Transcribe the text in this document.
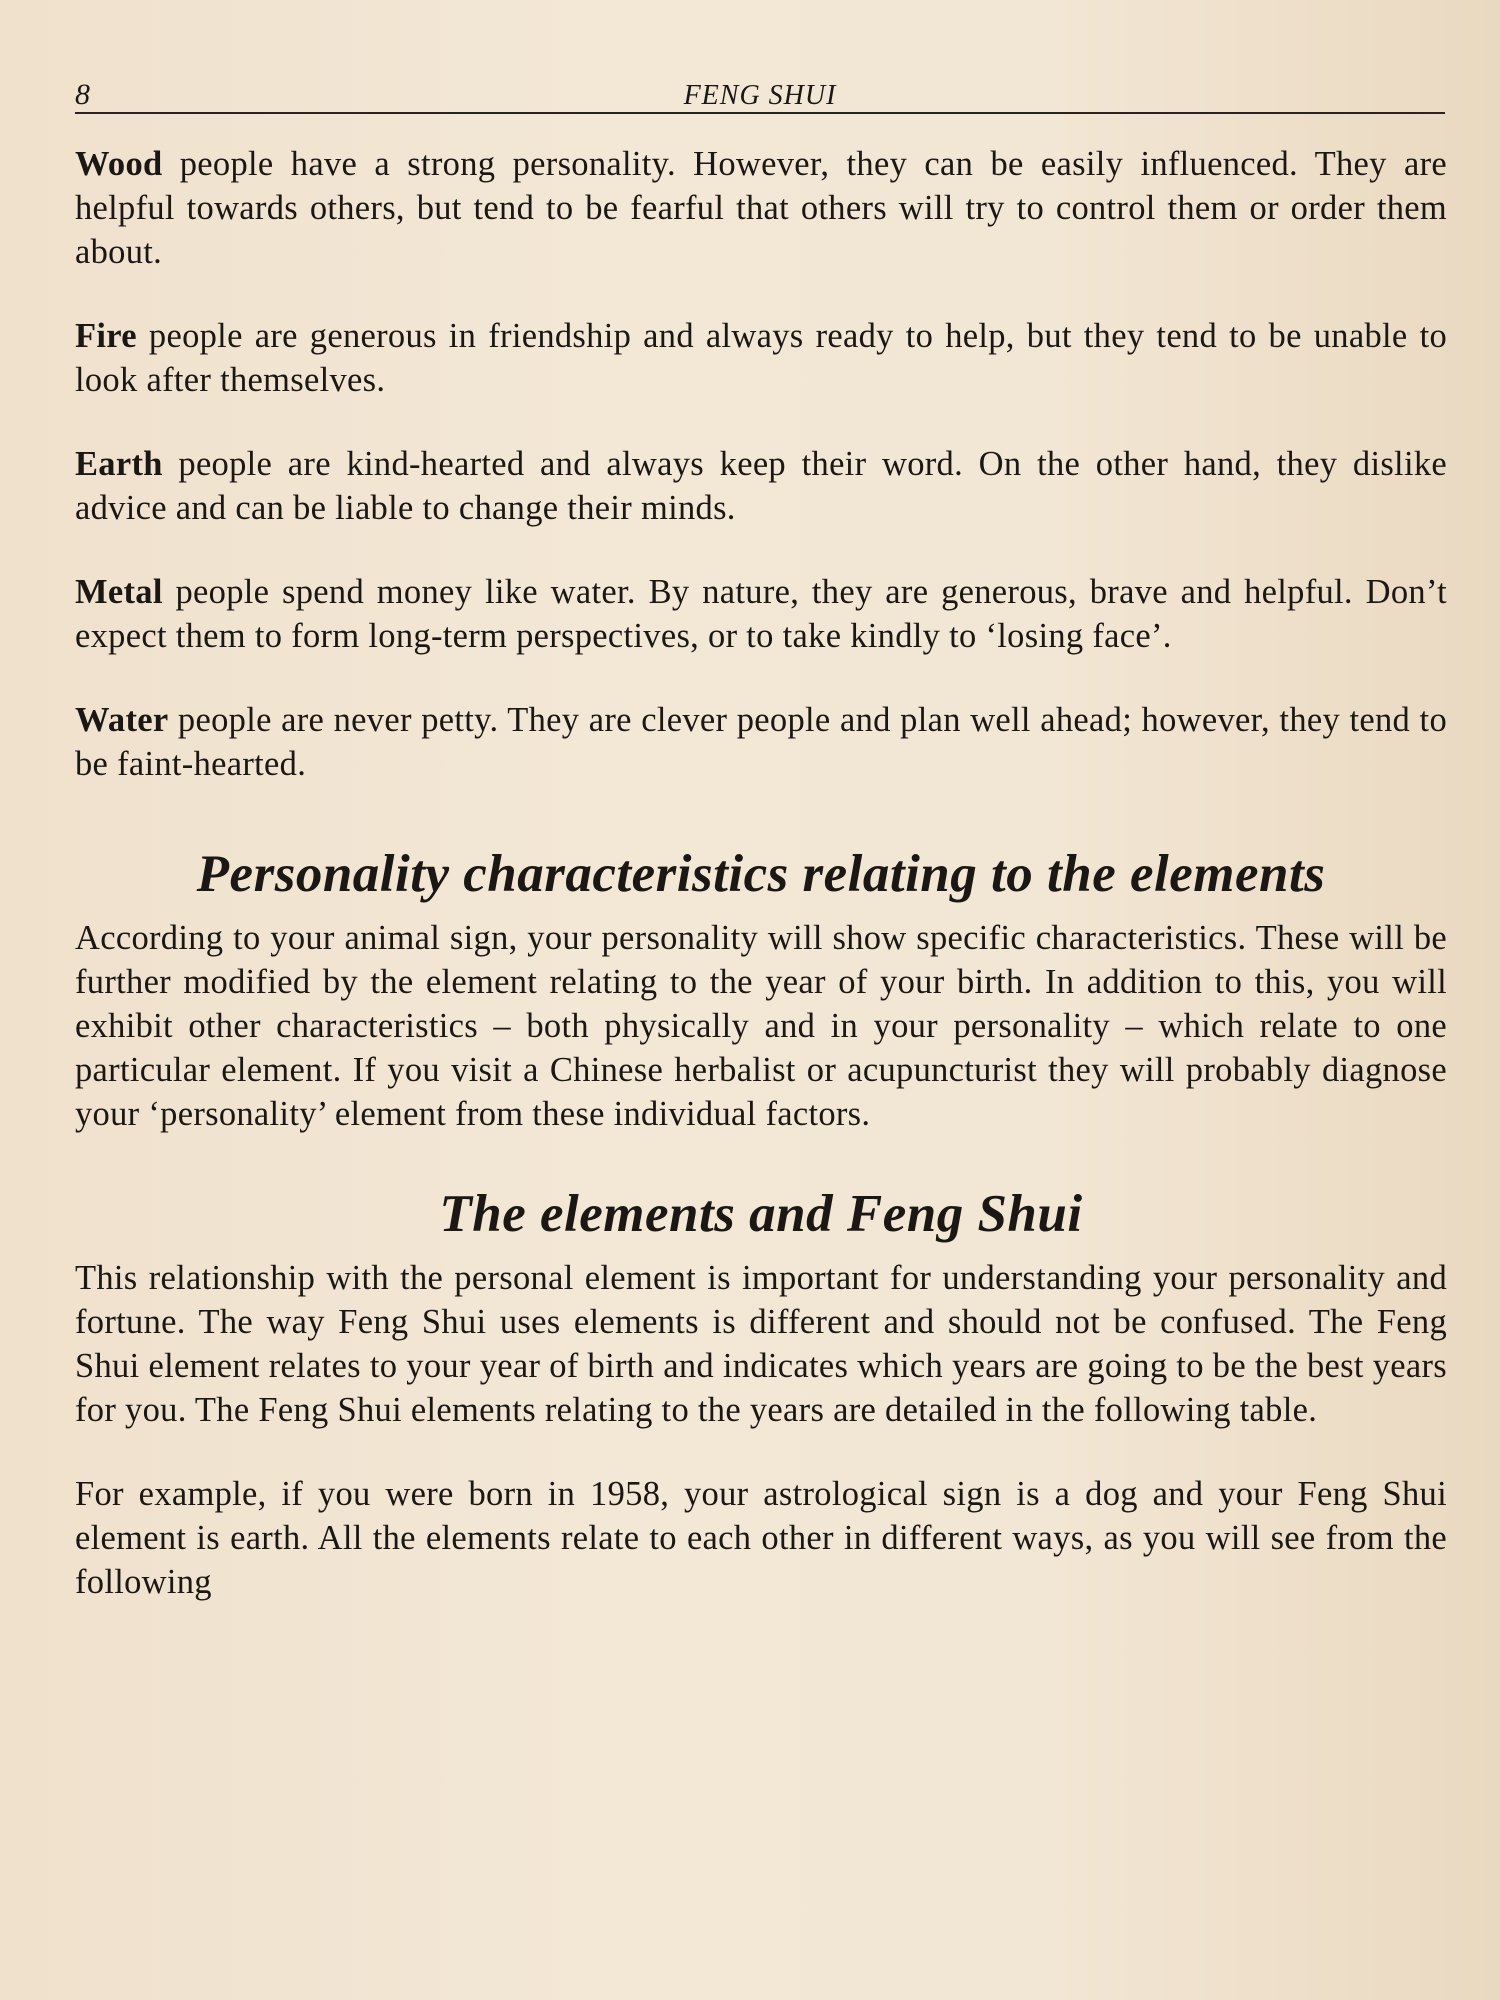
8	FENG SHUI

Wood people have a strong personality. However, they can be easily influenced. They are helpful towards others, but tend to be fearful that others will try to control them or order them about.

Fire people are generous in friendship and always ready to help, but they tend to be unable to look after themselves.

Earth people are kind-hearted and always keep their word. On the other hand, they dislike advice and can be liable to change their minds.

Metal people spend money like water. By nature, they are generous, brave and helpful. Don’t expect them to form long-term perspectives, or to take kindly to ‘losing face’.

Water people are never petty. They are clever people and plan well ahead; however, they tend to be faint-hearted.

Personality characteristics relating to the elements

According to your animal sign, your personality will show specific characteristics. These will be further modified by the element relating to the year of your birth. In addition to this, you will exhibit other characteristics – both physically and in your personality – which relate to one particular element. If you visit a Chinese herbalist or acupuncturist they will probably diagnose your ‘personality’ element from these individual factors.

The elements and Feng Shui

This relationship with the personal element is important for understanding your personality and fortune. The way Feng Shui uses elements is different and should not be confused. The Feng Shui element relates to your year of birth and indicates which years are going to be the best years for you. The Feng Shui elements relating to the years are detailed in the following table.

For example, if you were born in 1958, your astrological sign is a dog and your Feng Shui element is earth. All the elements relate to each other in different ways, as you will see from the following
